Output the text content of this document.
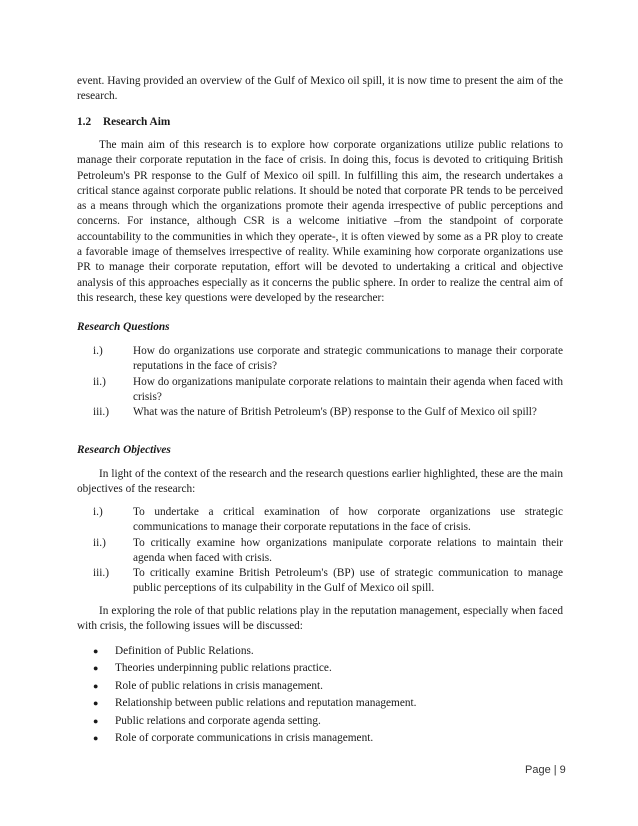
event. Having provided an overview of the Gulf of Mexico oil spill, it is now time to present the aim of the research.
1.2 Research Aim
The main aim of this research is to explore how corporate organizations utilize public relations to manage their corporate reputation in the face of crisis. In doing this, focus is devoted to critiquing British Petroleum's PR response to the Gulf of Mexico oil spill. In fulfilling this aim, the research undertakes a critical stance against corporate public relations. It should be noted that corporate PR tends to be perceived as a means through which the organizations promote their agenda irrespective of public perceptions and concerns. For instance, although CSR is a welcome initiative –from the standpoint of corporate accountability to the communities in which they operate-, it is often viewed by some as a PR ploy to create a favorable image of themselves irrespective of reality. While examining how corporate organizations use PR to manage their corporate reputation, effort will be devoted to undertaking a critical and objective analysis of this approaches especially as it concerns the public sphere. In order to realize the central aim of this research, these key questions were developed by the researcher:
Research Questions
i.)	How do organizations use corporate and strategic communications to manage their corporate reputations in the face of crisis?
ii.)	How do organizations manipulate corporate relations to maintain their agenda when faced with crisis?
iii.)	What was the nature of British Petroleum's (BP) response to the Gulf of Mexico oil spill?
Research Objectives
In light of the context of the research and the research questions earlier highlighted, these are the main objectives of the research:
i.)	To undertake a critical examination of how corporate organizations use strategic communications to manage their corporate reputations in the face of crisis.
ii.)	To critically examine how organizations manipulate corporate relations to maintain their agenda when faced with crisis.
iii.)	To critically examine British Petroleum's (BP) use of strategic communication to manage public perceptions of its culpability in the Gulf of Mexico oil spill.
In exploring the role of that public relations play in the reputation management, especially when faced with crisis, the following issues will be discussed:
●	Definition of Public Relations.
●	Theories underpinning public relations practice.
●	Role of public relations in crisis management.
●	Relationship between public relations and reputation management.
●	Public relations and corporate agenda setting.
●	Role of corporate communications in crisis management.
Page | 9
